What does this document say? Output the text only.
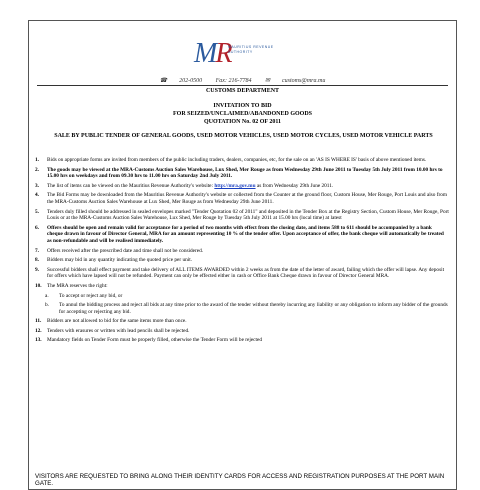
MR
MAURITIUS REVENUE AUTHORITY
☎ 202-0500 Fax: 216-7784 ✉ customs@mra.mu
CUSTOMS DEPARTMENT
INVITATION TO BID
FOR SEIZED/UNCLAIMED/ABANDONED GOODS
QUOTATION No. 02 OF 2011
SALE BY PUBLIC TENDER OF GENERAL GOODS, USED MOTOR VEHICLES, USED MOTOR CYCLES, USED MOTOR VEHICLE PARTS
1. Bids on appropriate forms are invited from members of the public including traders, dealers, companies, etc, for the sale on an 'AS IS WHERE IS' basis of above mentioned items.
2. The goods may be viewed at the MRA-Customs Auction Sales Warehouse, Lux Shed, Mer Rouge as from Wednesday 29th June 2011 to Tuesday 5th July 2011 from 10.00 hrs to 15.00 hrs on weekdays and from 09.30 hrs to 11.00 hrs on Saturday 2nd July 2011.
3. The list of items can be viewed on the Mauritius Revenue Authority's website: http://mra.gov.mu as from Wednesday 29th June 2011.
4. The Bid Forms may be downloaded from the Mauritius Revenue Authority's website or collected from the Counter at the ground floor, Custom House, Mer Rouge, Port Louis and also from the MRA-Customs Auction Sales Warehouse at Lux Shed, Mer Rouge as from Wednesday 29th June 2011.
5. Tenders duly filled should be addressed in sealed envelopes marked "Tender Quotation 02 of 2011" and deposited in the Tender Box at the Registry Section, Custom House, Mer Rouge, Port Louis or at the MRA-Customs Auction Sales Warehouse, Lux Shed, Mer Rouge by Tuesday 5th July 2011 at 15.00 hrs (local time) at latest
6. Offers should be open and remain valid for acceptance for a period of two months with effect from the closing date, and items 588 to 611 should be accompanied by a bank cheque drawn in favour of Director General, MRA for an amount representing 10 % of the tender offer. Upon acceptance of offer, the bank cheque will automatically be treated as non-refundable and will be realised immediately.
7. Offers received after the prescribed date and time shall not be considered.
8. Bidders may bid in any quantity indicating the quoted price per unit.
9. Successful bidders shall effect payment and take delivery of ALL ITEMS AWARDED within 2 weeks as from the date of the letter of award, failing which the offer will lapse. Any deposit for offers which have lapsed will not be refunded. Payment can only be effected either in cash or Office Bank Cheque drawn in favour of Director General MRA.
10. The MRA reserves the right:
a. To accept or reject any bid, or
b. To annul the bidding process and reject all bids at any time prior to the award of the tender without thereby incurring any liability or any obligation to inform any bidder of the grounds for accepting or rejecting any bid.
11. Bidders are not allowed to bid for the same items more than once.
12. Tenders with erasures or written with lead pencils shall be rejected.
13. Mandatory fields on Tender Form must be properly filled, otherwise the Tender Form will be rejected
VISITORS ARE REQUESTED TO BRING ALONG THEIR IDENTITY CARDS FOR ACCESS AND REGISTRATION PURPOSES AT THE PORT MAIN GATE.
